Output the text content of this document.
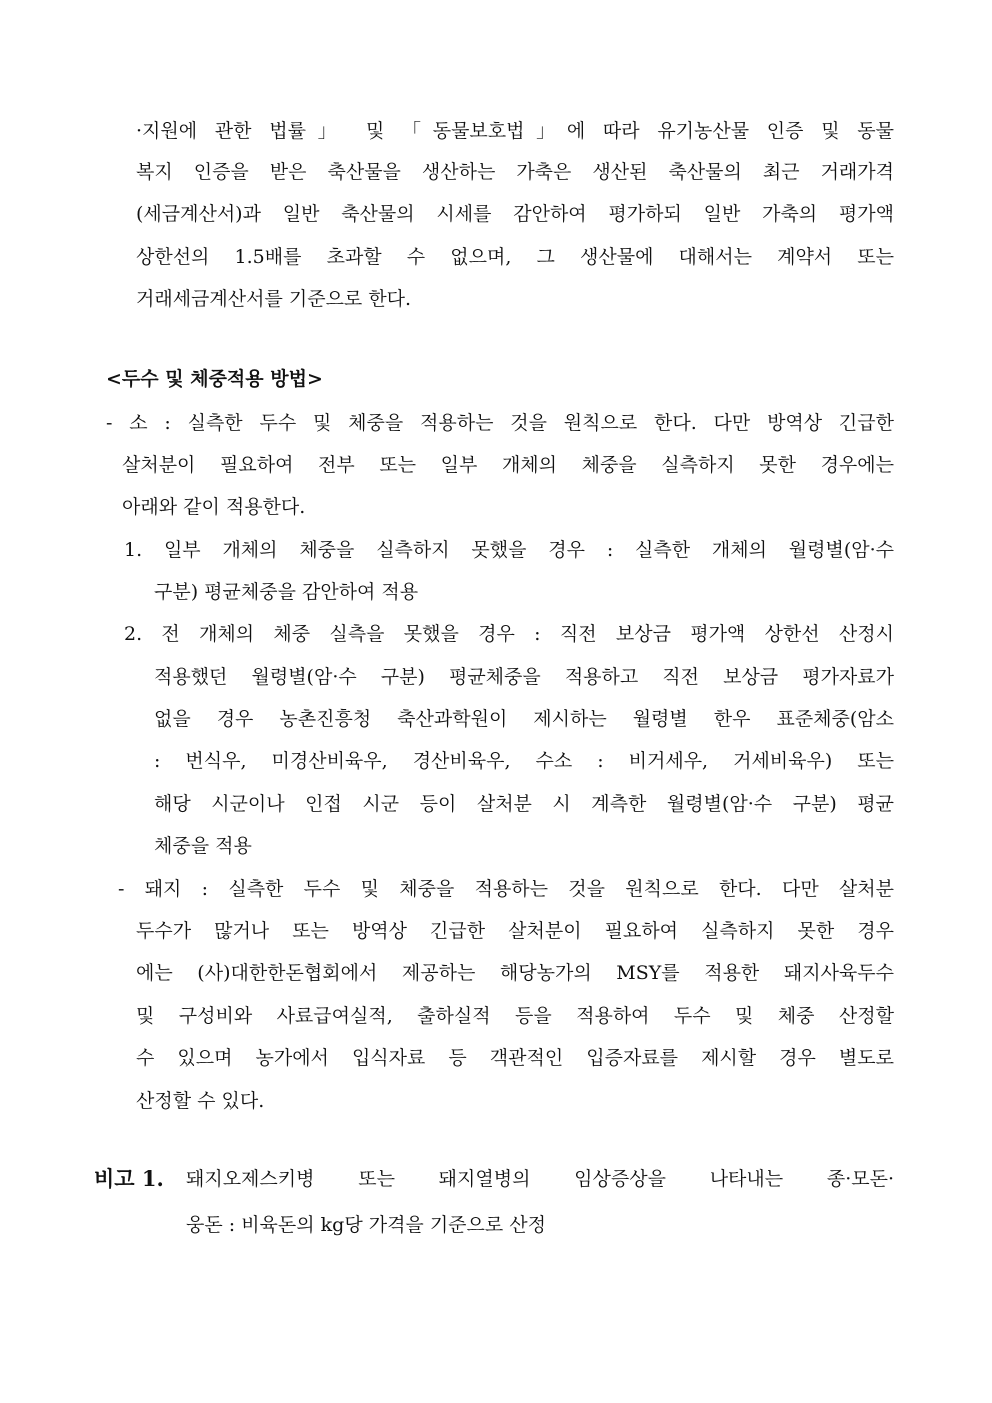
·지원에 관한 법률」 및 「동물보호법」에 따라 유기농산물 인증 및 동물
복지 인증을 받은 축산물을 생산하는 가축은 생산된 축산물의 최근 거래가격
(세금계산서)과 일반 축산물의 시세를 감안하여 평가하되 일반 가축의 평가액
상한선의 1.5배를 초과할 수 없으며, 그 생산물에 대해서는 계약서 또는
거래세금계산서를 기준으로 한다.
<두수 및 체중적용 방법>
- 소 : 실측한 두수 및 체중을 적용하는 것을 원칙으로 한다. 다만 방역상 긴급한
살처분이 필요하여 전부 또는 일부 개체의 체중을 실측하지 못한 경우에는
아래와 같이 적용한다.
1. 일부 개체의 체중을 실측하지 못했을 경우 : 실측한 개체의 월령별(암·수
구분) 평균체중을 감안하여 적용
2. 전 개체의 체중 실측을 못했을 경우 : 직전 보상금 평가액 상한선 산정시
적용했던 월령별(암·수 구분) 평균체중을 적용하고 직전 보상금 평가자료가
없을 경우 농촌진흥청 축산과학원이 제시하는 월령별 한우 표준체중(암소
: 번식우, 미경산비육우, 경산비육우, 수소 : 비거세우, 거세비육우) 또는
해당 시군이나 인접 시군 등이 살처분 시 계측한 월령별(암·수 구분) 평균
체중을 적용
- 돼지 : 실측한 두수 및 체중을 적용하는 것을 원칙으로 한다. 다만 살처분
두수가 많거나 또는 방역상 긴급한 살처분이 필요하여 실측하지 못한 경우
에는 (사)대한한돈협회에서 제공하는 해당농가의 MSY를 적용한 돼지사육두수
및 구성비와 사료급여실적, 출하실적 등을 적용하여 두수 및 체중 산정할
수 있으며 농가에서 입식자료 등 객관적인 입증자료를 제시할 경우 별도로
산정할 수 있다.
비고 1. 돼지오제스키병 또는 돼지열병의 임상증상을 나타내는 종·모돈·
웅돈 : 비육돈의 kg당 가격을 기준으로 산정
